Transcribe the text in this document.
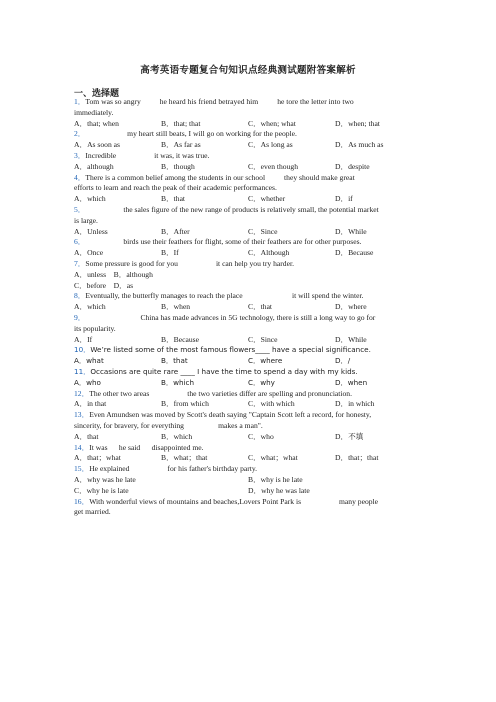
高考英语专题复合句知识点经典测试题附答案解析
一、选择题
1．Tom was so angry          he heard his friend betrayed him          he tore the letter into two
immediately.
A．that; when	B．that; that	C．when; what	D．when; that
2．                      my heart still beats, I will go on working for the people.
A．As soon as	B．As far as	C．As long as	D．As much as
3．Incredible                    it was, it was true.
A．although	B．though	C．even though	D．despite
4．There is a common belief among the students in our school          they should make great
efforts to learn and reach the peak of their academic performances.
A．which	B．that	C．whether	D．if
5．                    the sales figure of the new range of products is relatively small, the potential market
is large.
A．Unless	B．After	C．Since	D．While
6．                    birds use their feathers for flight, some of their feathers are for other purposes.
A．Once	B．If	C．Although	D．Because
7．Some pressure is good for you                    it can help you try harder.
A．unless    B．although
C．before    D．as
8．Eventually, the butterfly manages to reach the place                          it will spend the winter.
A．which	B．when	C．that	D．where
9．                             China has made advances in 5G technology, there is still a long way to go for
its popularity.
A．If	B．Because	C．Since	D．While
10．We’re listed some of the most famous flowers____ have a special significance.
A．what	B．that	C．where	D．/
11．Occasions are quite rare ____ I have the time to spend a day with my kids.
A．who	B．which	C．why	D．when
12．The other two areas                    the two varieties differ are spelling and pronunciation.
A．in that	B．from which	C．with which	D．in which
13．Even Amundsen was moved by Scott's death saying "Captain Scott left a record, for honesty,
sincerity, for bravery, for everything                  makes a man".
A．that	B．which	C．who	D．不填
14．It was      he said      disappointed me.
A．that；what	B．what；that	C．what；what	D．that；that
15．He explained                    for his father's birthday party.
A．why was he late	B．why is he late
C．why he is late	D．why he was late
16．With wonderful views of mountains and beaches,Lovers Point Park is                    many people
get married.
